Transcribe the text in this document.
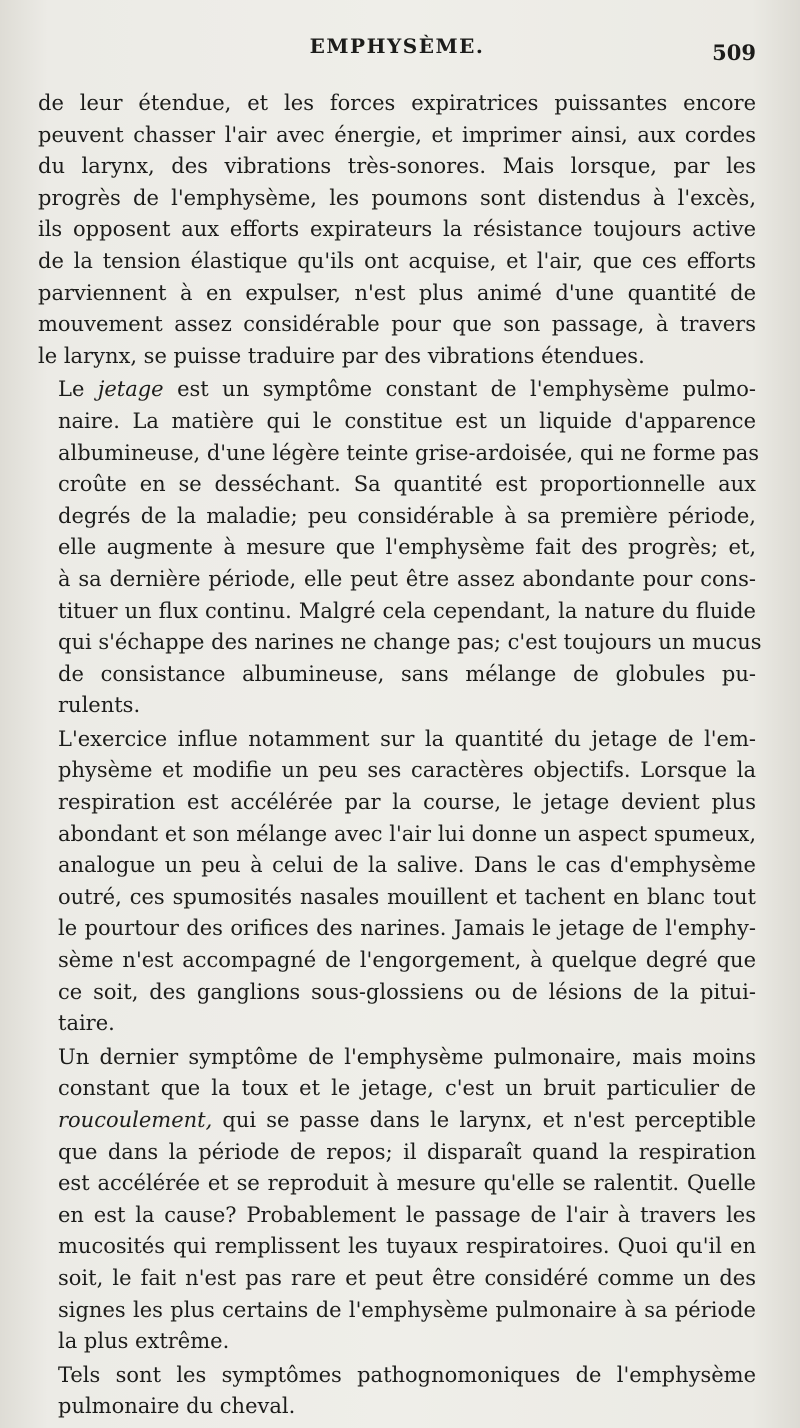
EMPHYSÈME.	509

de leur étendue, et les forces expiratrices puissantes encore
peuvent chasser l'air avec énergie, et imprimer ainsi, aux cordes
du larynx, des vibrations très-sonores. Mais lorsque, par les
progrès de l'emphysème, les poumons sont distendus à l'excès,
ils opposent aux efforts expirateurs la résistance toujours active
de la tension élastique qu'ils ont acquise, et l'air, que ces efforts
parviennent à en expulser, n'est plus animé d'une quantité de
mouvement assez considérable pour que son passage, à travers
le larynx, se puisse traduire par des vibrations étendues.

Le jetage est un symptôme constant de l'emphysème pulmo-
naire. La matière qui le constitue est un liquide d'apparence
albumineuse, d'une légère teinte grise-ardoisée, qui ne forme pas
croûte en se desséchant. Sa quantité est proportionnelle aux
degrés de la maladie; peu considérable à sa première période,
elle augmente à mesure que l'emphysème fait des progrès; et,
à sa dernière période, elle peut être assez abondante pour cons-
tituer un flux continu. Malgré cela cependant, la nature du fluide
qui s'échappe des narines ne change pas; c'est toujours un mucus
de consistance albumineuse, sans mélange de globules pu-
rulents.

L'exercice influe notamment sur la quantité du jetage de l'em-
physème et modifie un peu ses caractères objectifs. Lorsque la
respiration est accélérée par la course, le jetage devient plus
abondant et son mélange avec l'air lui donne un aspect spumeux,
analogue un peu à celui de la salive. Dans le cas d'emphysème
outré, ces spumosités nasales mouillent et tachent en blanc tout
le pourtour des orifices des narines. Jamais le jetage de l'emphy-
sème n'est accompagné de l'engorgement, à quelque degré que
ce soit, des ganglions sous-glossiens ou de lésions de la pitui-
taire.

Un dernier symptôme de l'emphysème pulmonaire, mais moins
constant que la toux et le jetage, c'est un bruit particulier de
roucoulement, qui se passe dans le larynx, et n'est perceptible
que dans la période de repos; il disparaît quand la respiration
est accélérée et se reproduit à mesure qu'elle se ralentit. Quelle
en est la cause? Probablement le passage de l'air à travers les
mucosités qui remplissent les tuyaux respiratoires. Quoi qu'il en
soit, le fait n'est pas rare et peut être considéré comme un des
signes les plus certains de l'emphysème pulmonaire à sa période
la plus extrême.

Tels sont les symptômes pathognomoniques de l'emphysème
pulmonaire du cheval.
